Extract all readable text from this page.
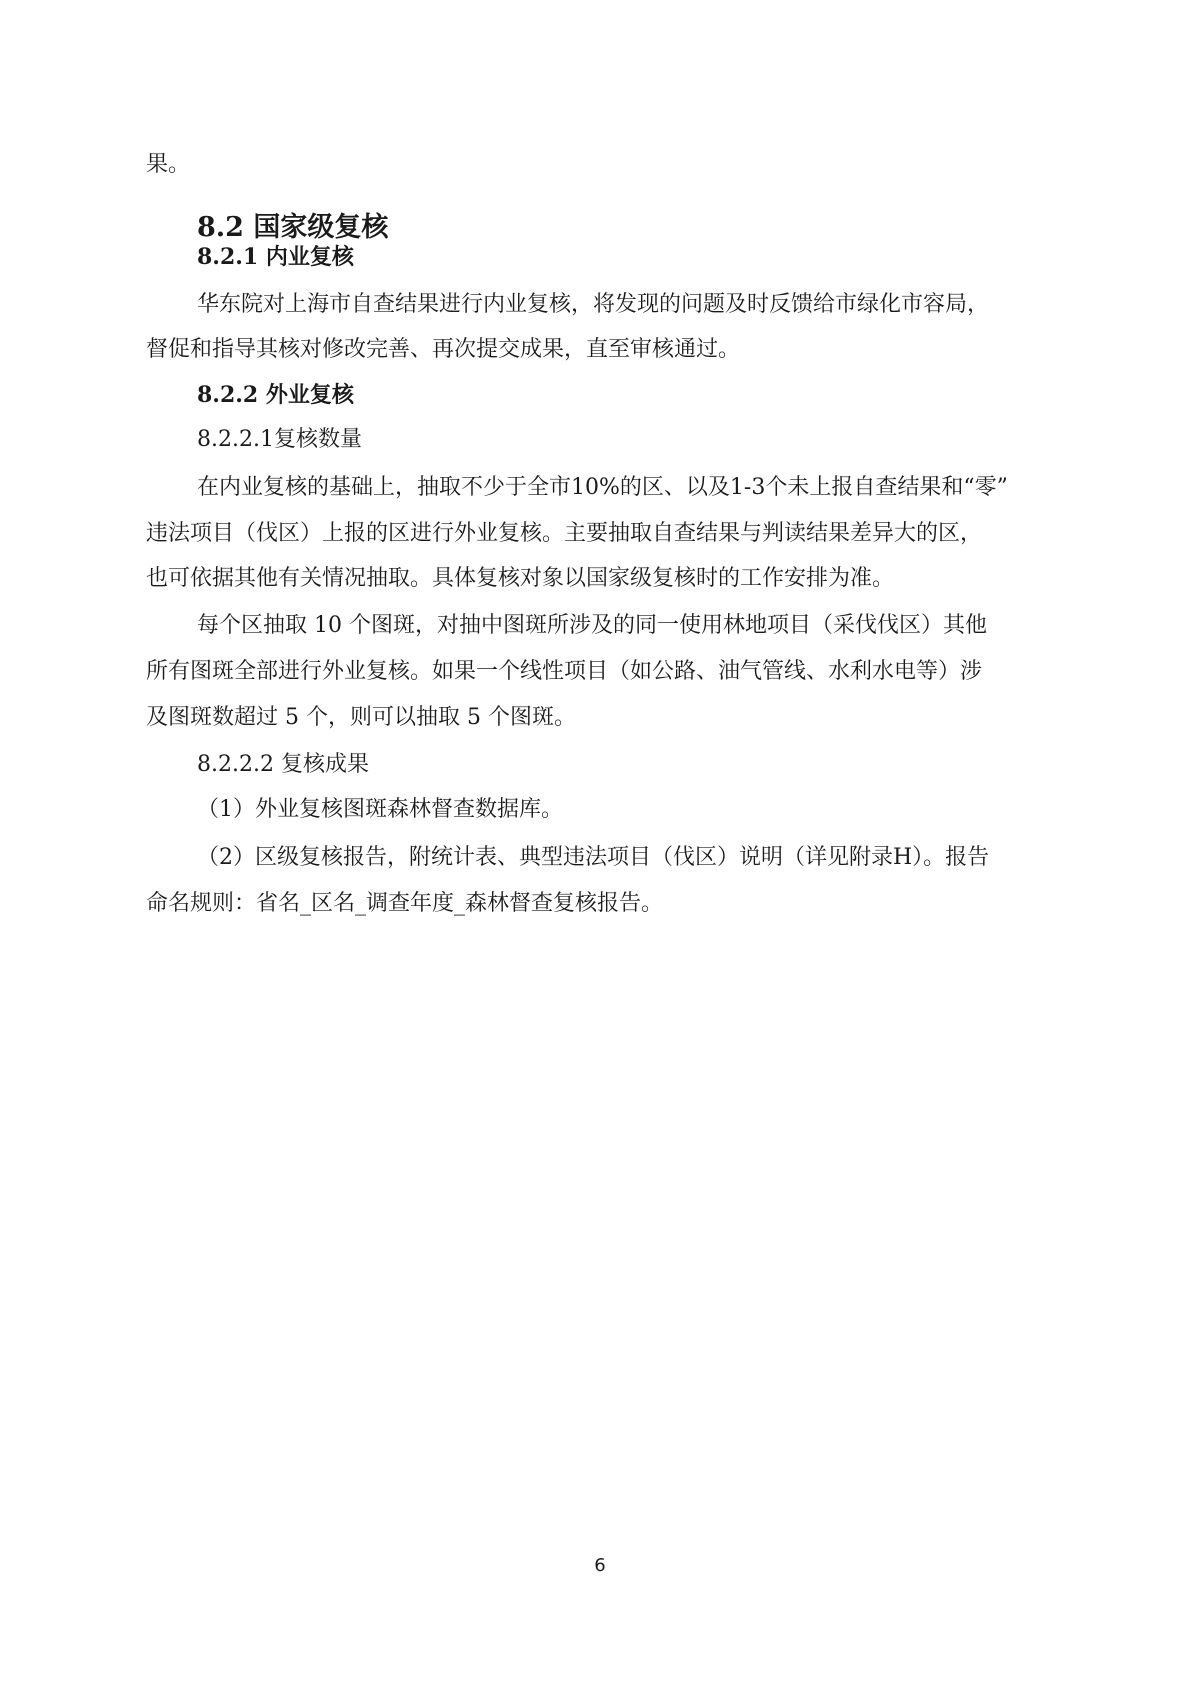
果。
8.2 国家级复核
8.2.1 内业复核
华东院对上海市自查结果进行内业复核，将发现的问题及时反馈给市绿化市容局，
督促和指导其核对修改完善、再次提交成果，直至审核通过。
8.2.2 外业复核
8.2.2.1复核数量
在内业复核的基础上，抽取不少于全市10%的区、以及1-3个未上报自查结果和“零”
违法项目（伐区）上报的区进行外业复核。主要抽取自查结果与判读结果差异大的区，
也可依据其他有关情况抽取。具体复核对象以国家级复核时的工作安排为准。
每个区抽取 10 个图斑，对抽中图斑所涉及的同一使用林地项目（采伐伐区）其他
所有图斑全部进行外业复核。如果一个线性项目（如公路、油气管线、水利水电等）涉
及图斑数超过 5 个，则可以抽取 5 个图斑。
8.2.2.2 复核成果
（1）外业复核图斑森林督查数据库。
（2）区级复核报告，附统计表、典型违法项目（伐区）说明（详见附录H）。报告
命名规则：省名_区名_调查年度_森林督查复核报告。
6
